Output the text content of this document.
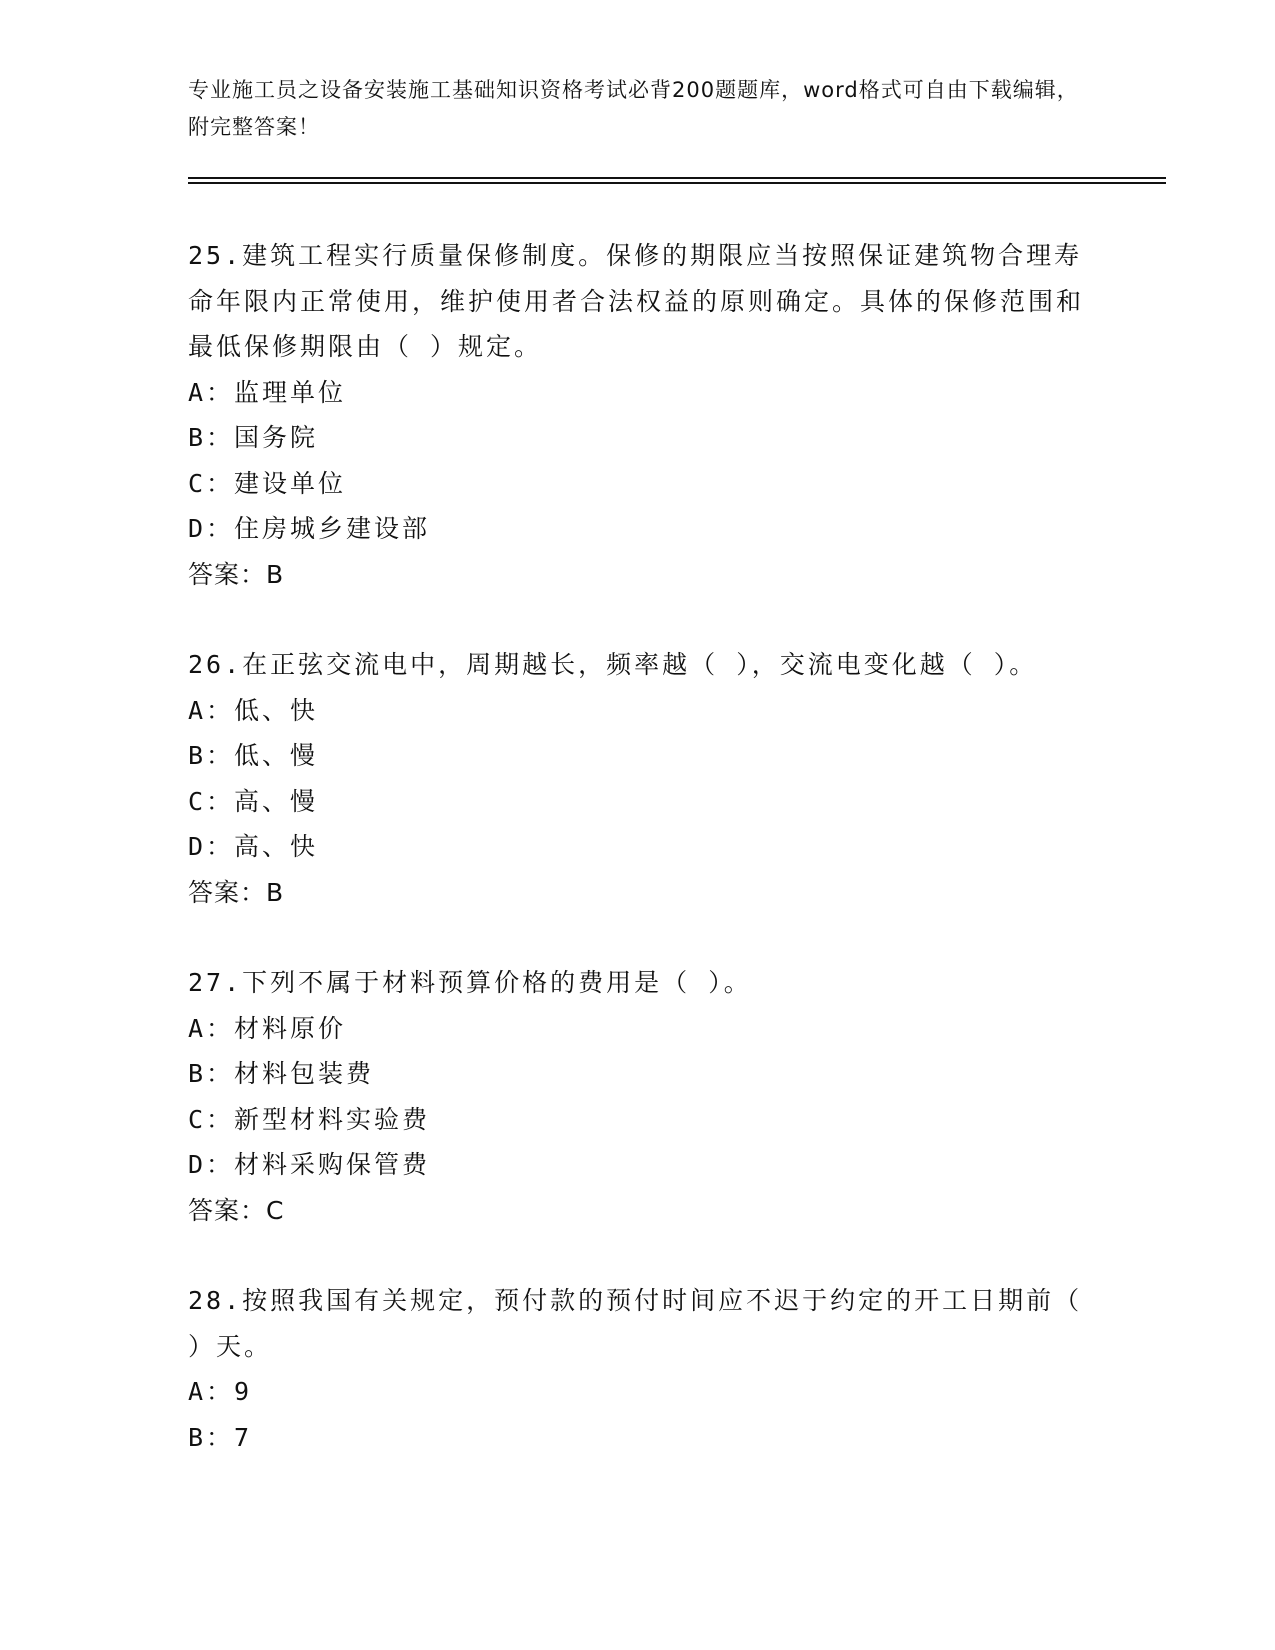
专业施工员之设备安装施工基础知识资格考试必背200题题库，word格式可自由下载编辑，附完整答案！
25.建筑工程实行质量保修制度。保修的期限应当按照保证建筑物合理寿命年限内正常使用，维护使用者合法权益的原则确定。具体的保修范围和最低保修期限由（ ）规定。
A：监理单位
B：国务院
C：建设单位
D：住房城乡建设部
答案：B
26.在正弦交流电中，周期越长，频率越（ ），交流电变化越（ ）。
A：低、快
B：低、慢
C：高、慢
D：高、快
答案：B
27.下列不属于材料预算价格的费用是（ ）。
A：材料原价
B：材料包装费
C：新型材料实验费
D：材料采购保管费
答案：C
28.按照我国有关规定，预付款的预付时间应不迟于约定的开工日期前（ ）天。
A：9
B：7
